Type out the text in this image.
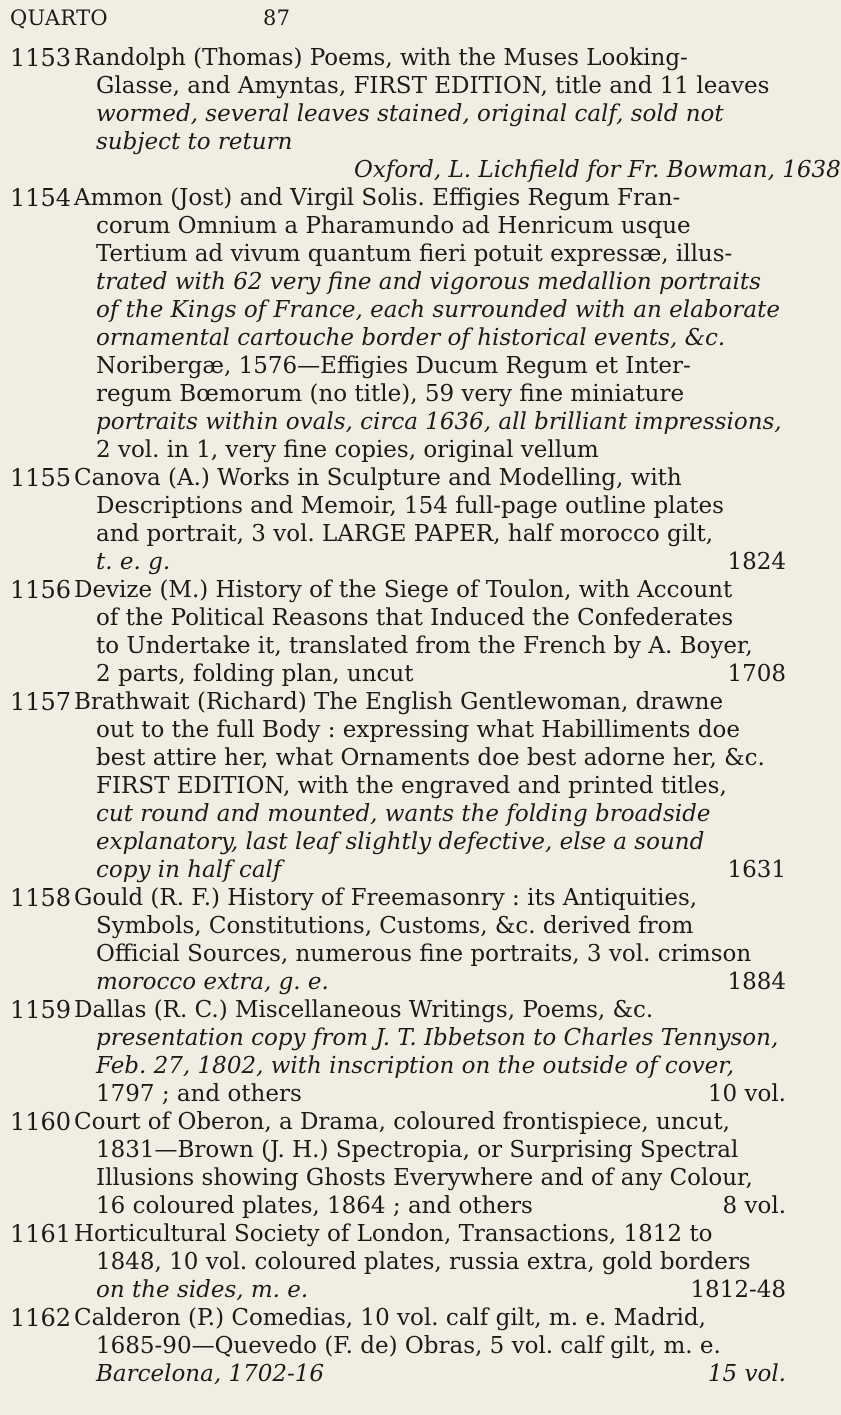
QUARTO	87
1153 Randolph (Thomas) Poems, with the Muses Looking-
Glasse, and Amyntas, FIRST EDITION, title and 11 leaves
wormed, several leaves stained, original calf, sold not
subject to return
Oxford, L. Lichfield for Fr. Bowman, 1638
1154 Ammon (Jost) and Virgil Solis. Effigies Regum Fran-
corum Omnium a Pharamundo ad Henricum usque
Tertium ad vivum quantum fieri potuit expressæ, illus-
trated with 62 very fine and vigorous medallion portraits
of the Kings of France, each surrounded with an elaborate
ornamental cartouche border of historical events, &c.
Noribergæ, 1576—Effigies Ducum Regum et Inter-
regum Bœmorum (no title), 59 very fine miniature
portraits within ovals, circa 1636, all brilliant impressions,
2 vol. in 1, very fine copies, original vellum
1155 Canova (A.) Works in Sculpture and Modelling, with
Descriptions and Memoir, 154 full-page outline plates
and portrait, 3 vol. LARGE PAPER, half morocco gilt,
t. e. g.	1824
1156 Devize (M.) History of the Siege of Toulon, with Account
of the Political Reasons that Induced the Confederates
to Undertake it, translated from the French by A. Boyer,
2 parts, folding plan, uncut	1708
1157 Brathwait (Richard) The English Gentlewoman, drawne
out to the full Body : expressing what Habilliments doe
best attire her, what Ornaments doe best adorne her, &c.
FIRST EDITION, with the engraved and printed titles,
cut round and mounted, wants the folding broadside
explanatory, last leaf slightly defective, else a sound
copy in half calf	1631
1158 Gould (R. F.) History of Freemasonry : its Antiquities,
Symbols, Constitutions, Customs, &c. derived from
Official Sources, numerous fine portraits, 3 vol. crimson
morocco extra, g. e.	1884
1159 Dallas (R. C.) Miscellaneous Writings, Poems, &c.
presentation copy from J. T. Ibbetson to Charles Tennyson,
Feb. 27, 1802, with inscription on the outside of cover,
1797 ; and others	10 vol.
1160 Court of Oberon, a Drama, coloured frontispiece, uncut,
1831—Brown (J. H.) Spectropia, or Surprising Spectral
Illusions showing Ghosts Everywhere and of any Colour,
16 coloured plates, 1864 ; and others	8 vol.
1161 Horticultural Society of London, Transactions, 1812 to
1848, 10 vol. coloured plates, russia extra, gold borders
on the sides, m. e.	1812-48
1162 Calderon (P.) Comedias, 10 vol. calf gilt, m. e. Madrid,
1685-90—Quevedo (F. de) Obras, 5 vol. calf gilt, m. e.
Barcelona, 1702-16	15 vol.
